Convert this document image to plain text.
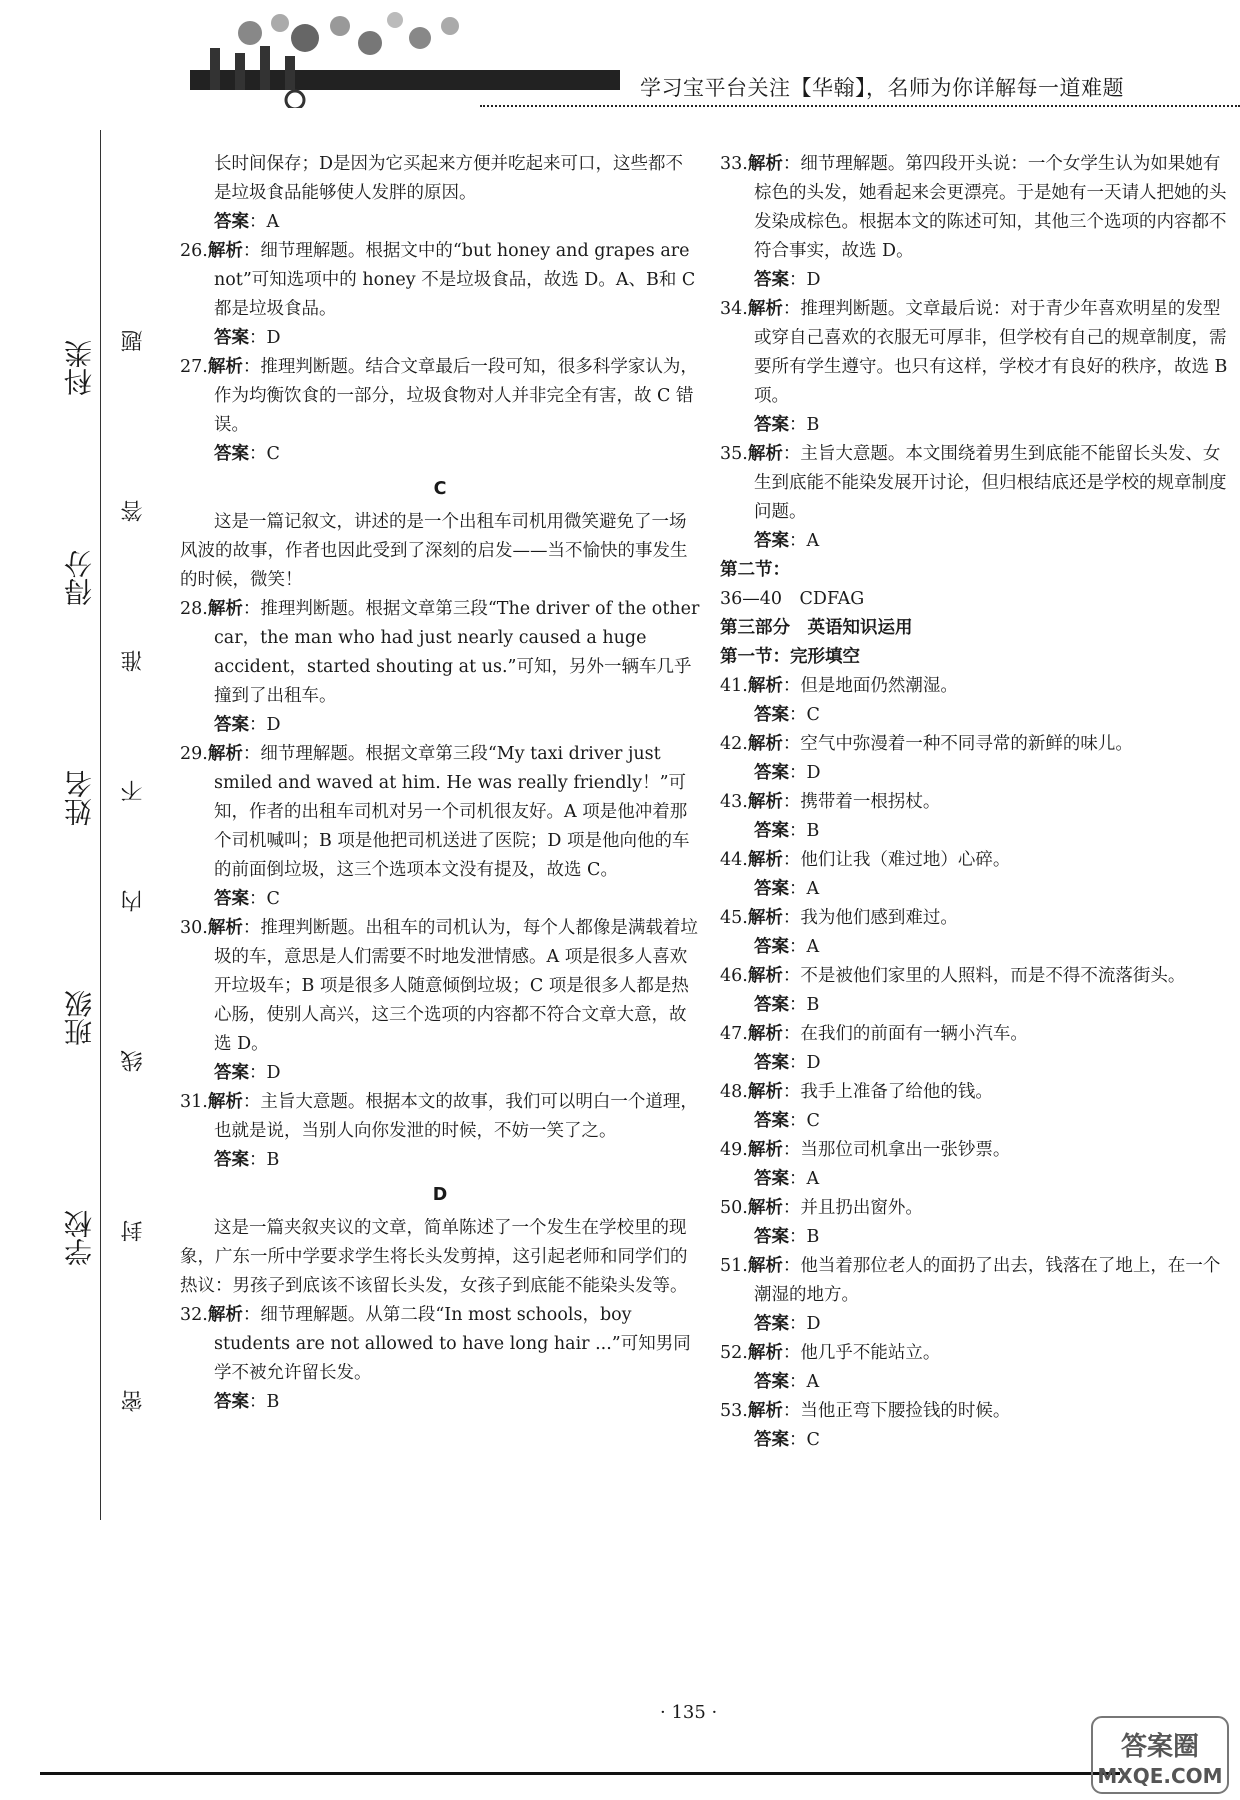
学习宝平台关注【华翰】，名师为你详解每一道难题
学校
班级
姓名
得分
科类
密
封
线
内
不
准
答
题

长时间保存；D是因为它买起来方便并吃起来可口，这些都不是垃圾食品能够使人发胖的原因。

答案：A

26.解析：细节理解题。根据文中的“but honey and grapes are not”可知选项中的 honey 不是垃圾食品，故选 D。A、B和 C 都是垃圾食品。

答案：D

27.解析：推理判断题。结合文章最后一段可知，很多科学家认为，作为均衡饮食的一部分，垃圾食物对人并非完全有害，故 C 错误。

答案：C

C

这是一篇记叙文，讲述的是一个出租车司机用微笑避免了一场风波的故事，作者也因此受到了深刻的启发——当不愉快的事发生的时候，微笑！

28.解析：推理判断题。根据文章第三段“The driver of the other car，the man who had just nearly caused a huge accident，started shouting at us.”可知，另外一辆车几乎撞到了出租车。

答案：D

29.解析：细节理解题。根据文章第三段“My taxi driver just smiled and waved at him. He was really friendly！”可知，作者的出租车司机对另一个司机很友好。A 项是他冲着那个司机喊叫；B 项是他把司机送进了医院；D 项是他向他的车的前面倒垃圾，这三个选项本文没有提及，故选 C。

答案：C

30.解析：推理判断题。出租车的司机认为，每个人都像是满载着垃圾的车，意思是人们需要不时地发泄情感。A 项是很多人喜欢开垃圾车；B 项是很多人随意倾倒垃圾；C 项是很多人都是热心肠，使别人高兴，这三个选项的内容都不符合文章大意，故选 D。

答案：D

31.解析：主旨大意题。根据本文的故事，我们可以明白一个道理，也就是说，当别人向你发泄的时候，不妨一笑了之。

答案：B

D

这是一篇夹叙夹议的文章，简单陈述了一个发生在学校里的现象，广东一所中学要求学生将长头发剪掉，这引起老师和同学们的热议：男孩子到底该不该留长头发，女孩子到底能不能染头发等。

32.解析：细节理解题。从第二段“In most schools，boy students are not allowed to have long hair ...”可知男同学不被允许留长发。

答案：B

33.解析：细节理解题。第四段开头说：一个女学生认为如果她有棕色的头发，她看起来会更漂亮。于是她有一天请人把她的头发染成棕色。根据本文的陈述可知，其他三个选项的内容都不符合事实，故选 D。

答案：D

34.解析：推理判断题。文章最后说：对于青少年喜欢明星的发型或穿自己喜欢的衣服无可厚非，但学校有自己的规章制度，需要所有学生遵守。也只有这样，学校才有良好的秩序，故选 B 项。

答案：B

35.解析：主旨大意题。本文围绕着男生到底能不能留长头发、女生到底能不能染发展开讨论，但归根结底还是学校的规章制度问题。

答案：A

第二节：

36—40　CDFAG

第三部分　英语知识运用

第一节：完形填空

41.解析：但是地面仍然潮湿。

答案：C

42.解析：空气中弥漫着一种不同寻常的新鲜的味儿。

答案：D

43.解析：携带着一根拐杖。

答案：B

44.解析：他们让我（难过地）心碎。

答案：A

45.解析：我为他们感到难过。

答案：A

46.解析：不是被他们家里的人照料，而是不得不流落街头。

答案：B

47.解析：在我们的前面有一辆小汽车。

答案：D

48.解析：我手上准备了给他的钱。

答案：C

49.解析：当那位司机拿出一张钞票。

答案：A

50.解析：并且扔出窗外。

答案：B

51.解析：他当着那位老人的面扔了出去，钱落在了地上，在一个潮湿的地方。

答案：D

52.解析：他几乎不能站立。

答案：A

53.解析：当他正弯下腰捡钱的时候。

答案：C

· 135 ·
答案圈
MXQE.COM
